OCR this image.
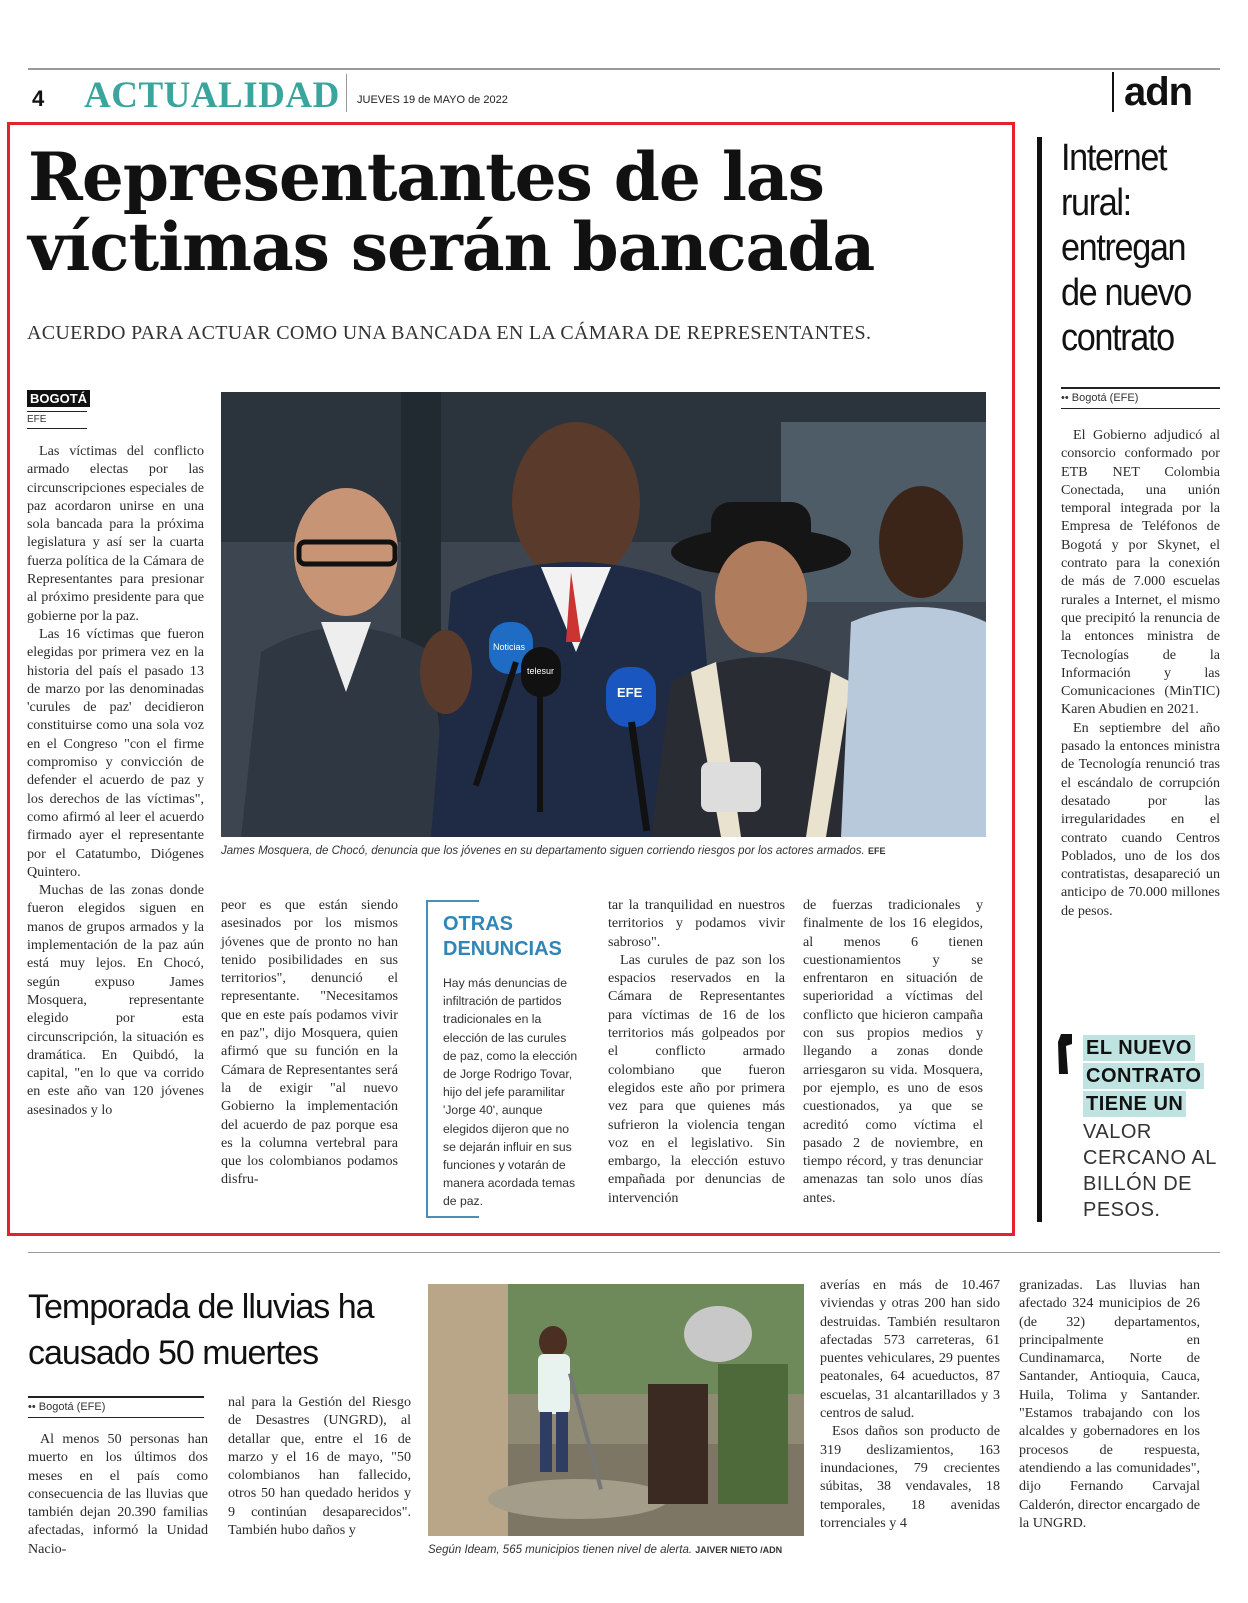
4 ACTUALIDAD JUEVES 19 de MAYO de 2022	adn
Representantes de las víctimas serán bancada
ACUERDO PARA ACTUAR COMO UNA BANCADA EN LA CÁMARA DE REPRESENTANTES.
BOGOTÁ
EFE

Las víctimas del conflicto armado electas por las circunscripciones especiales de paz acordaron unirse en una sola bancada para la próxima legislatura y así ser la cuarta fuerza política de la Cámara de Representantes para presionar al próximo presidente para que gobierne por la paz.

Las 16 víctimas que fueron elegidas por primera vez en la historia del país el pasado 13 de marzo por las denominadas 'curules de paz' decidieron constituirse como una sola voz en el Congreso "con el firme compromiso y convicción de defender el acuerdo de paz y los derechos de las víctimas", como afirmó al leer el acuerdo firmado ayer el representante por el Catatumbo, Diógenes Quintero.

Muchas de las zonas donde fueron elegidos siguen en manos de grupos armados y la implementación de la paz aún está muy lejos. En Chocó, según expuso James Mosquera, representante elegido por esta circunscripción, la situación es dramática. En Quibdó, la capital, "en lo que va corrido en este año van 120 jóvenes asesinados y lo

Noticias
telesur
EFE
James Mosquera, de Chocó, denuncia que los jóvenes en su departamento siguen corriendo riesgos por los actores armados. EFE

peor es que están siendo asesinados por los mismos jóvenes que de pronto no han tenido posibilidades en sus territorios", denunció el representante. "Necesitamos que en este país podamos vivir en paz", dijo Mosquera, quien afirmó que su función en la Cámara de Representantes será la de exigir "al nuevo Gobierno la implementación del acuerdo de paz porque esa es la columna vertebral para que los colombianos podamos disfru-

OTRAS DENUNCIAS
Hay más denuncias de infiltración de partidos tradicionales en la elección de las curules de paz, como la elección de Jorge Rodrigo Tovar, hijo del jefe paramilitar 'Jorge 40', aunque elegidos dijeron que no se dejarán influir en sus funciones y votarán de manera acordada temas de paz.

tar la tranquilidad en nuestros territorios y podamos vivir sabroso".

Las curules de paz son los espacios reservados en la Cámara de Representantes para víctimas de 16 de los territorios más golpeados por el conflicto armado colombiano que fueron elegidos este año por primera vez para que quienes más sufrieron la violencia tengan voz en el legislativo. Sin embargo, la elección estuvo empañada por denuncias de intervención

de fuerzas tradicionales y finalmente de los 16 elegidos, al menos 6 tienen cuestionamientos y se enfrentaron en situación de superioridad a víctimas del conflicto que hicieron campaña con sus propios medios y llegando a zonas donde arriesgaron su vida. Mosquera, por ejemplo, es uno de esos cuestionados, ya que se acreditó como víctima el pasado 2 de noviembre, en tiempo récord, y tras denunciar amenazas tan solo unos días antes.

Internet rural: entregan de nuevo contrato
•• Bogotá (EFE)

El Gobierno adjudicó al consorcio conformado por ETB NET Colombia Conectada, una unión temporal integrada por la Empresa de Teléfonos de Bogotá y por Skynet, el contrato para la conexión de más de 7.000 escuelas rurales a Internet, el mismo que precipitó la renuncia de la entonces ministra de Tecnologías de la Información y las Comunicaciones (MinTIC) Karen Abudien en 2021.

En septiembre del año pasado la entonces ministra de Tecnología renunció tras el escándalo de corrupción desatado por las irregularidades en el contrato cuando Centros Poblados, uno de los dos contratistas, desapareció un anticipo de 70.000 millones de pesos.

EL NUEVO
CONTRATO
TIENE UN
VALOR
CERCANO AL
BILLÓN DE
PESOS.
Temporada de lluvias ha causado 50 muertes
•• Bogotá (EFE)

Al menos 50 personas han muerto en los últimos dos meses en el país como consecuencia de las lluvias que también dejan 20.390 familias afectadas, informó la Unidad Nacio-

nal para la Gestión del Riesgo de Desastres (UNGRD), al detallar que, entre el 16 de marzo y el 16 de mayo, "50 colombianos han fallecido, otros 50 han quedado heridos y 9 continúan desaparecidos". También hubo daños y

Según Ideam, 565 municipios tienen nivel de alerta. JAIVER NIETO /ADN

averías en más de 10.467 viviendas y otras 200 han sido destruidas. También resultaron afectadas 573 carreteras, 61 puentes vehiculares, 29 puentes peatonales, 64 acueductos, 87 escuelas, 31 alcantarillados y 3 centros de salud.

Esos daños son producto de 319 deslizamientos, 163 inundaciones, 79 crecientes súbitas, 38 vendavales, 18 temporales, 18 avenidas torrenciales y 4

granizadas. Las lluvias han afectado 324 municipios de 26 (de 32) departamentos, principalmente en Cundinamarca, Norte de Santander, Antioquia, Cauca, Huila, Tolima y Santander. "Estamos trabajando con los alcaldes y gobernadores en los procesos de respuesta, atendiendo a las comunidades", dijo Fernando Carvajal Calderón, director encargado de la UNGRD.
